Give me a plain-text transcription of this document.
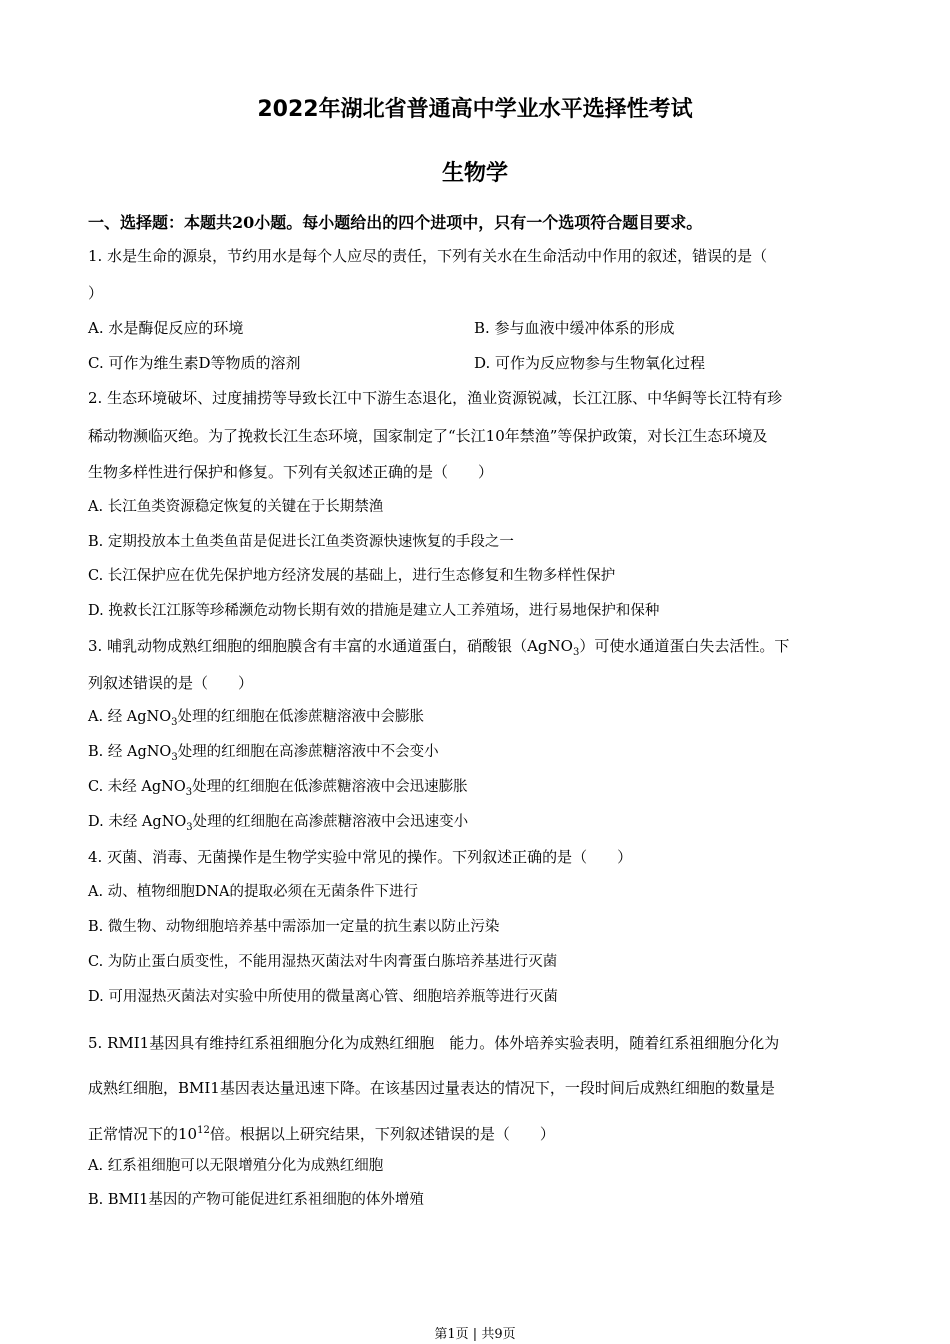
2022年湖北省普通高中学业水平选择性考试
生物学
一、选择题：本题共20小题。每小题给出的四个进项中，只有一个选项符合题目要求。
1. 水是生命的源泉，节约用水是每个人应尽的责任，下列有关水在生命活动中作用的叙述，错误的是（
）
A. 水是酶促反应的环境	B. 参与血液中缓冲体系的形成
C. 可作为维生素D等物质的溶剂	D. 可作为反应物参与生物氧化过程
2. 生态环境破坏、过度捕捞等导致长江中下游生态退化，渔业资源锐减，长江江豚、中华鲟等长江特有珍
稀动物濒临灭绝。为了挽救长江生态环境，国家制定了“长江10年禁渔”等保护政策，对长江生态环境及
生物多样性进行保护和修复。下列有关叙述正确的是（　　）
A. 长江鱼类资源稳定恢复的关键在于长期禁渔
B. 定期投放本土鱼类鱼苗是促进长江鱼类资源快速恢复的手段之一
C. 长江保护应在优先保护地方经济发展的基础上，进行生态修复和生物多样性保护
D. 挽救长江江豚等珍稀濒危动物长期有效的措施是建立人工养殖场，进行易地保护和保种
3. 哺乳动物成熟红细胞的细胞膜含有丰富的水通道蛋白，硝酸银（AgNO$_3$）可使水通道蛋白失去活性。下
列叙述错误的是（　　）
A. 经 AgNO$_3$处理的红细胞在低渗蔗糖溶液中会膨胀
B. 经 AgNO$_3$处理的红细胞在高渗蔗糖溶液中不会变小
C. 未经 AgNO$_3$处理的红细胞在低渗蔗糖溶液中会迅速膨胀
D. 未经 AgNO$_3$处理的红细胞在高渗蔗糖溶液中会迅速变小
4. 灭菌、消毒、无菌操作是生物学实验中常见的操作。下列叙述正确的是（　　）
A. 动、植物细胞DNA的提取必须在无菌条件下进行
B. 微生物、动物细胞培养基中需添加一定量的抗生素以防止污染
C. 为防止蛋白质变性，不能用湿热灭菌法对牛肉膏蛋白胨培养基进行灭菌
D. 可用湿热灭菌法对实验中所使用的微量离心管、细胞培养瓶等进行灭菌
5. RMI1基因具有维持红系祖细胞分化为成熟红细胞　能力。体外培养实验表明，随着红系祖细胞分化为
成熟红细胞，BMI1基因表达量迅速下降。在该基因过量表达的情况下，一段时间后成熟红细胞的数量是
正常情况下的$10^{12}$倍。根据以上研究结果，下列叙述错误的是（　　）
A. 红系祖细胞可以无限增殖分化为成熟红细胞
B. BMI1基因的产物可能促进红系祖细胞的体外增殖
第1页 | 共9页
